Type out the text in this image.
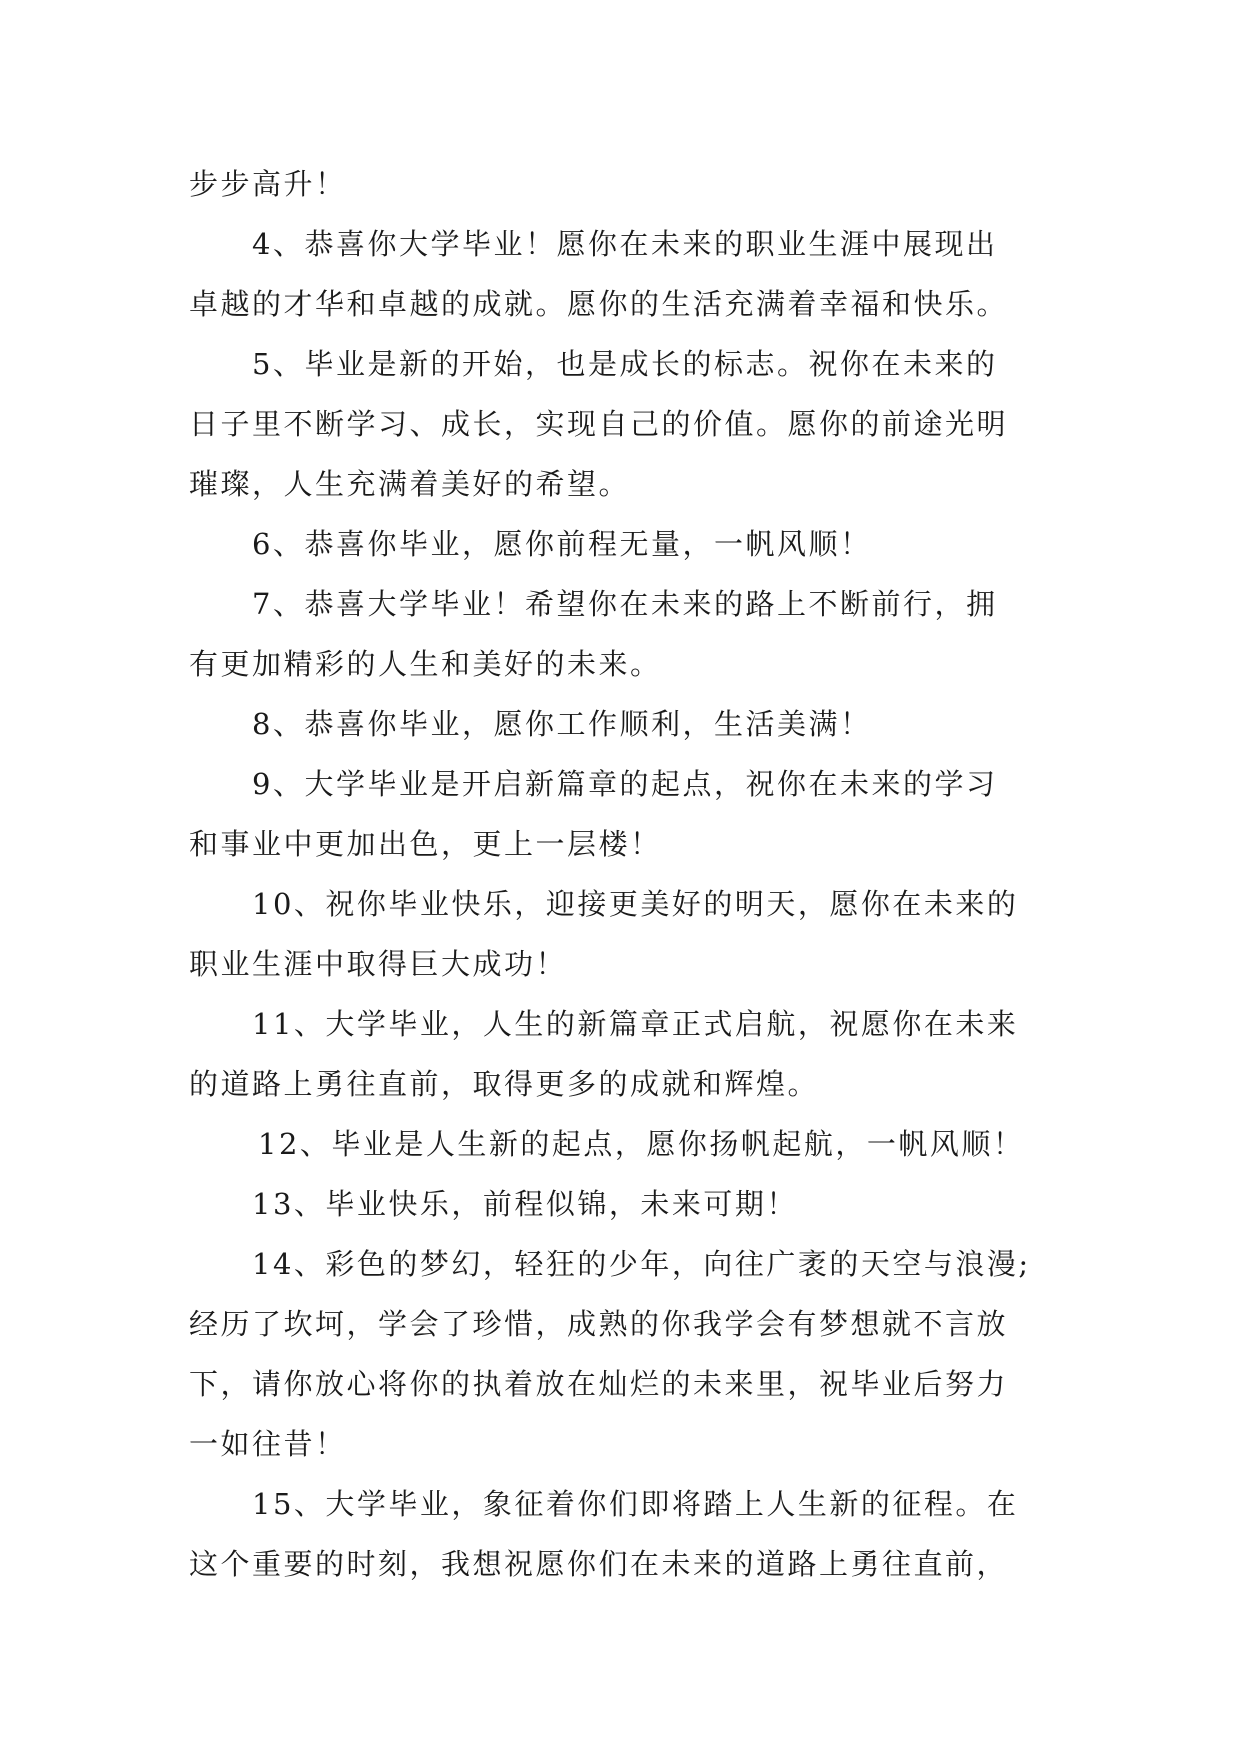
步步高升！
4、恭喜你大学毕业！愿你在未来的职业生涯中展现出
卓越的才华和卓越的成就。愿你的生活充满着幸福和快乐。
5、毕业是新的开始，也是成长的标志。祝你在未来的
日子里不断学习、成长，实现自己的价值。愿你的前途光明
璀璨，人生充满着美好的希望。
6、恭喜你毕业，愿你前程无量，一帆风顺！
7、恭喜大学毕业！希望你在未来的路上不断前行，拥
有更加精彩的人生和美好的未来。
8、恭喜你毕业，愿你工作顺利，生活美满！
9、大学毕业是开启新篇章的起点，祝你在未来的学习
和事业中更加出色，更上一层楼！
10、祝你毕业快乐，迎接更美好的明天，愿你在未来的
职业生涯中取得巨大成功！
11、大学毕业，人生的新篇章正式启航，祝愿你在未来
的道路上勇往直前，取得更多的成就和辉煌。
12、毕业是人生新的起点，愿你扬帆起航，一帆风顺！
13、毕业快乐，前程似锦，未来可期！
14、彩色的梦幻，轻狂的少年，向往广袤的天空与浪漫;
经历了坎坷，学会了珍惜，成熟的你我学会有梦想就不言放
下，请你放心将你的执着放在灿烂的未来里，祝毕业后努力
一如往昔！
15、大学毕业，象征着你们即将踏上人生新的征程。在
这个重要的时刻，我想祝愿你们在未来的道路上勇往直前，
